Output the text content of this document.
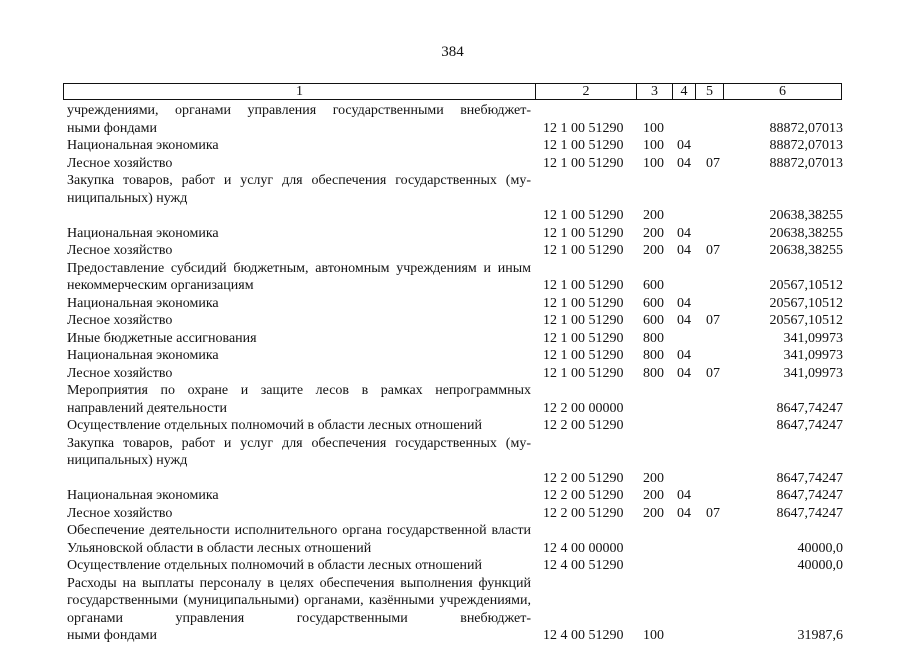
384
1	2	3	4	5	6
учреждениями, органами управления государственными внебюджет-
ными фондами	12 1 00 51290 100	88872,07013
Национальная экономика	12 1 00 51290 100 04	88872,07013
Лесное хозяйство	12 1 00 51290 100 04 07	88872,07013
Закупка товаров, работ и услуг для обеспечения государственных (му-
ниципальных) нужд
12 1 00 51290 200	20638,38255
Национальная экономика	12 1 00 51290 200 04	20638,38255
Лесное хозяйство	12 1 00 51290 200 04 07	20638,38255
Предоставление субсидий бюджетным, автономным учреждениям и иным некоммерческим организациям	12 1 00 51290 600	20567,10512
Национальная экономика	12 1 00 51290 600 04	20567,10512
Лесное хозяйство	12 1 00 51290 600 04 07	20567,10512
Иные бюджетные ассигнования	12 1 00 51290 800	341,09973
Национальная экономика	12 1 00 51290 800 04	341,09973
Лесное хозяйство	12 1 00 51290 800 04 07	341,09973
Мероприятия по охране и защите лесов в рамках непрограммных направлений деятельности	12 2 00 00000	8647,74247
Осуществление отдельных полномочий в области лесных отношений	12 2 00 51290	8647,74247
Закупка товаров, работ и услуг для обеспечения государственных (му-
ниципальных) нужд
12 2 00 51290 200	8647,74247
Национальная экономика	12 2 00 51290 200 04	8647,74247
Лесное хозяйство	12 2 00 51290 200 04 07	8647,74247
Обеспечение деятельности исполнительного органа государственной власти Ульяновской области в области лесных отношений	12 4 00 00000	40000,0
Осуществление отдельных полномочий в области лесных отношений	12 4 00 51290	40000,0
Расходы на выплаты персоналу в целях обеспечения выполнения функций государственными (муниципальными) органами, казёнными учреждениями, органами управления государственными внебюджет-
ными фондами	12 4 00 51290 100	31987,6
